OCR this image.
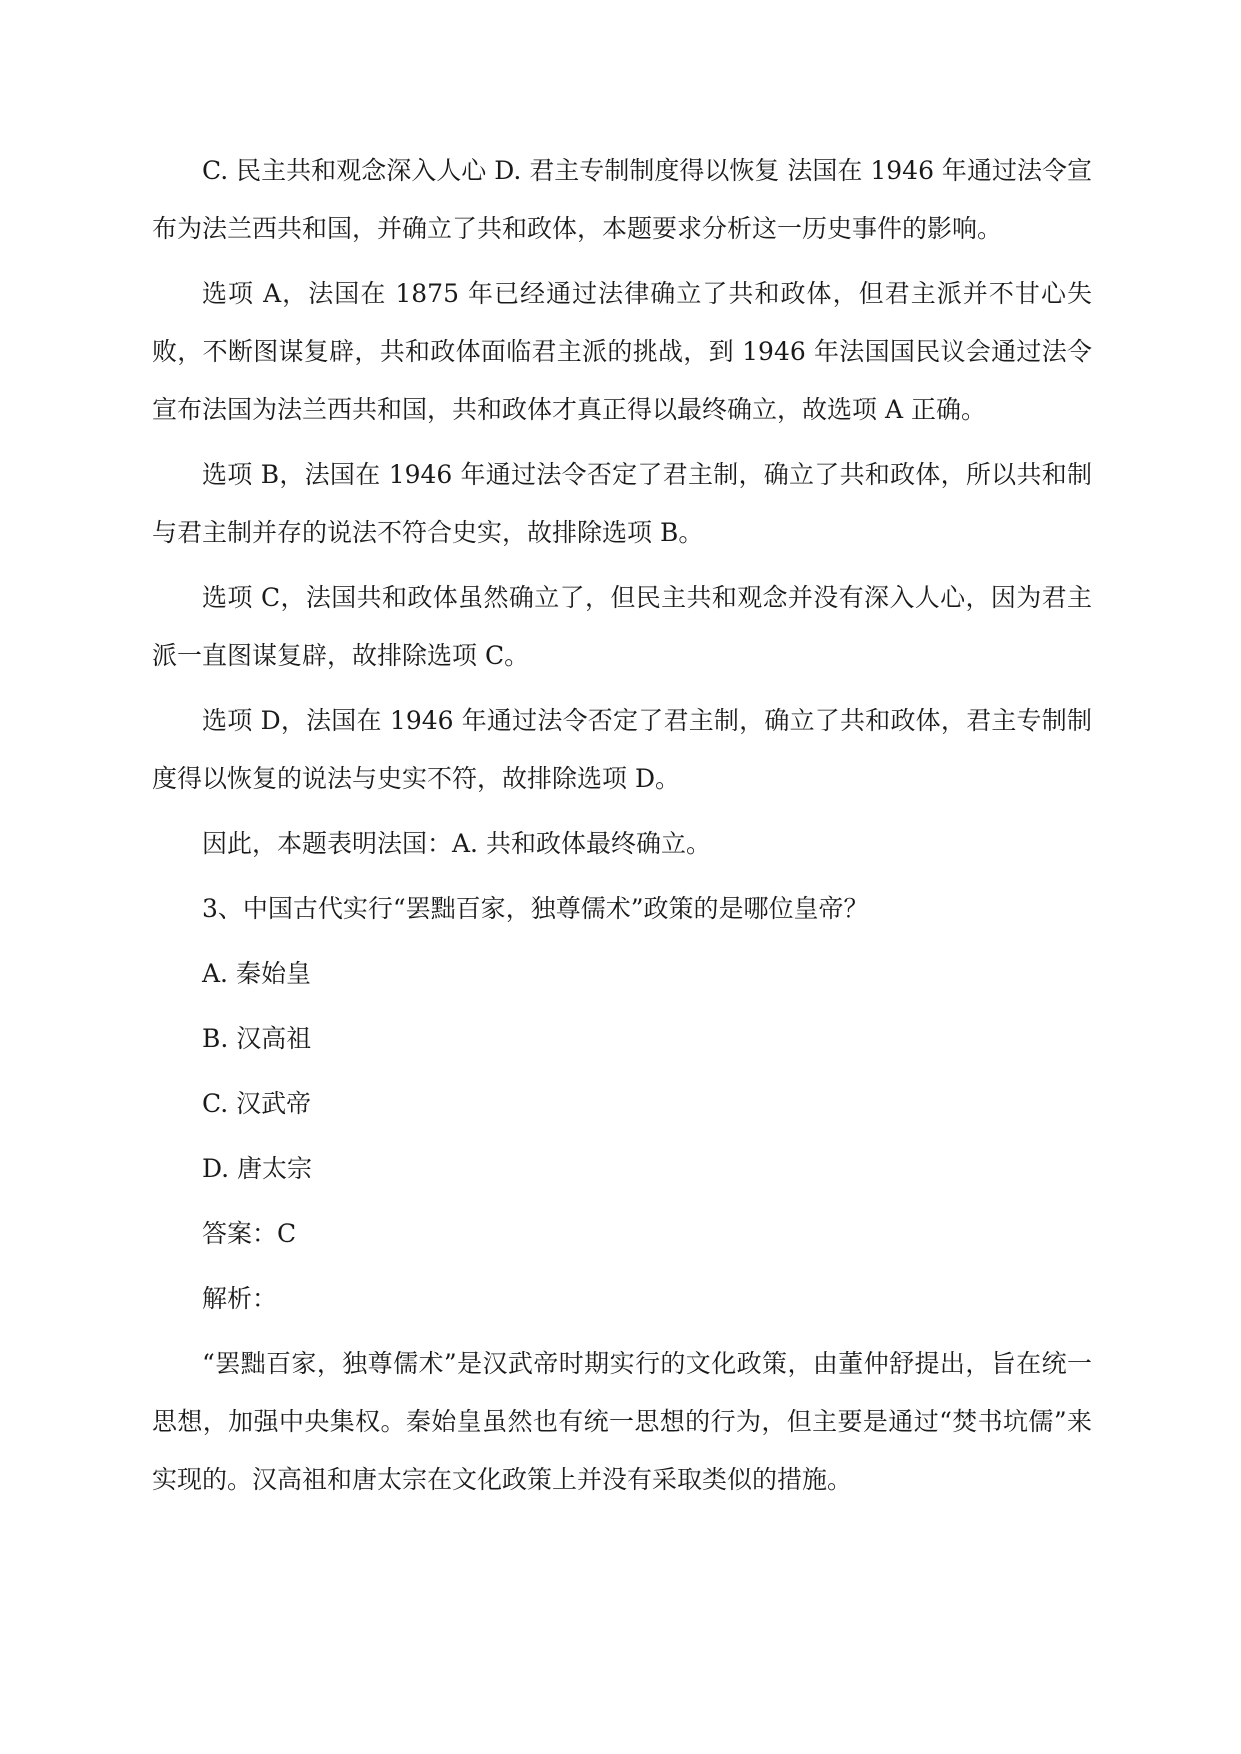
C. 民主共和观念深入人心 D. 君主专制制度得以恢复 法国在 1946 年通过法令宣布为法兰西共和国，并确立了共和政体，本题要求分析这一历史事件的影响。

选项 A，法国在 1875 年已经通过法律确立了共和政体，但君主派并不甘心失败，不断图谋复辟，共和政体面临君主派的挑战，到 1946 年法国国民议会通过法令宣布法国为法兰西共和国，共和政体才真正得以最终确立，故选项 A 正确。

选项 B，法国在 1946 年通过法令否定了君主制，确立了共和政体，所以共和制与君主制并存的说法不符合史实，故排除选项 B。

选项 C，法国共和政体虽然确立了，但民主共和观念并没有深入人心，因为君主派一直图谋复辟，故排除选项 C。

选项 D，法国在 1946 年通过法令否定了君主制，确立了共和政体，君主专制制度得以恢复的说法与史实不符，故排除选项 D。

因此，本题表明法国：A. 共和政体最终确立。

3、中国古代实行“罢黜百家，独尊儒术”政策的是哪位皇帝？

A. 秦始皇

B. 汉高祖

C. 汉武帝

D. 唐太宗

答案：C

解析：

“罢黜百家，独尊儒术”是汉武帝时期实行的文化政策，由董仲舒提出，旨在统一思想，加强中央集权。秦始皇虽然也有统一思想的行为，但主要是通过“焚书坑儒”来实现的。汉高祖和唐太宗在文化政策上并没有采取类似的措施。
